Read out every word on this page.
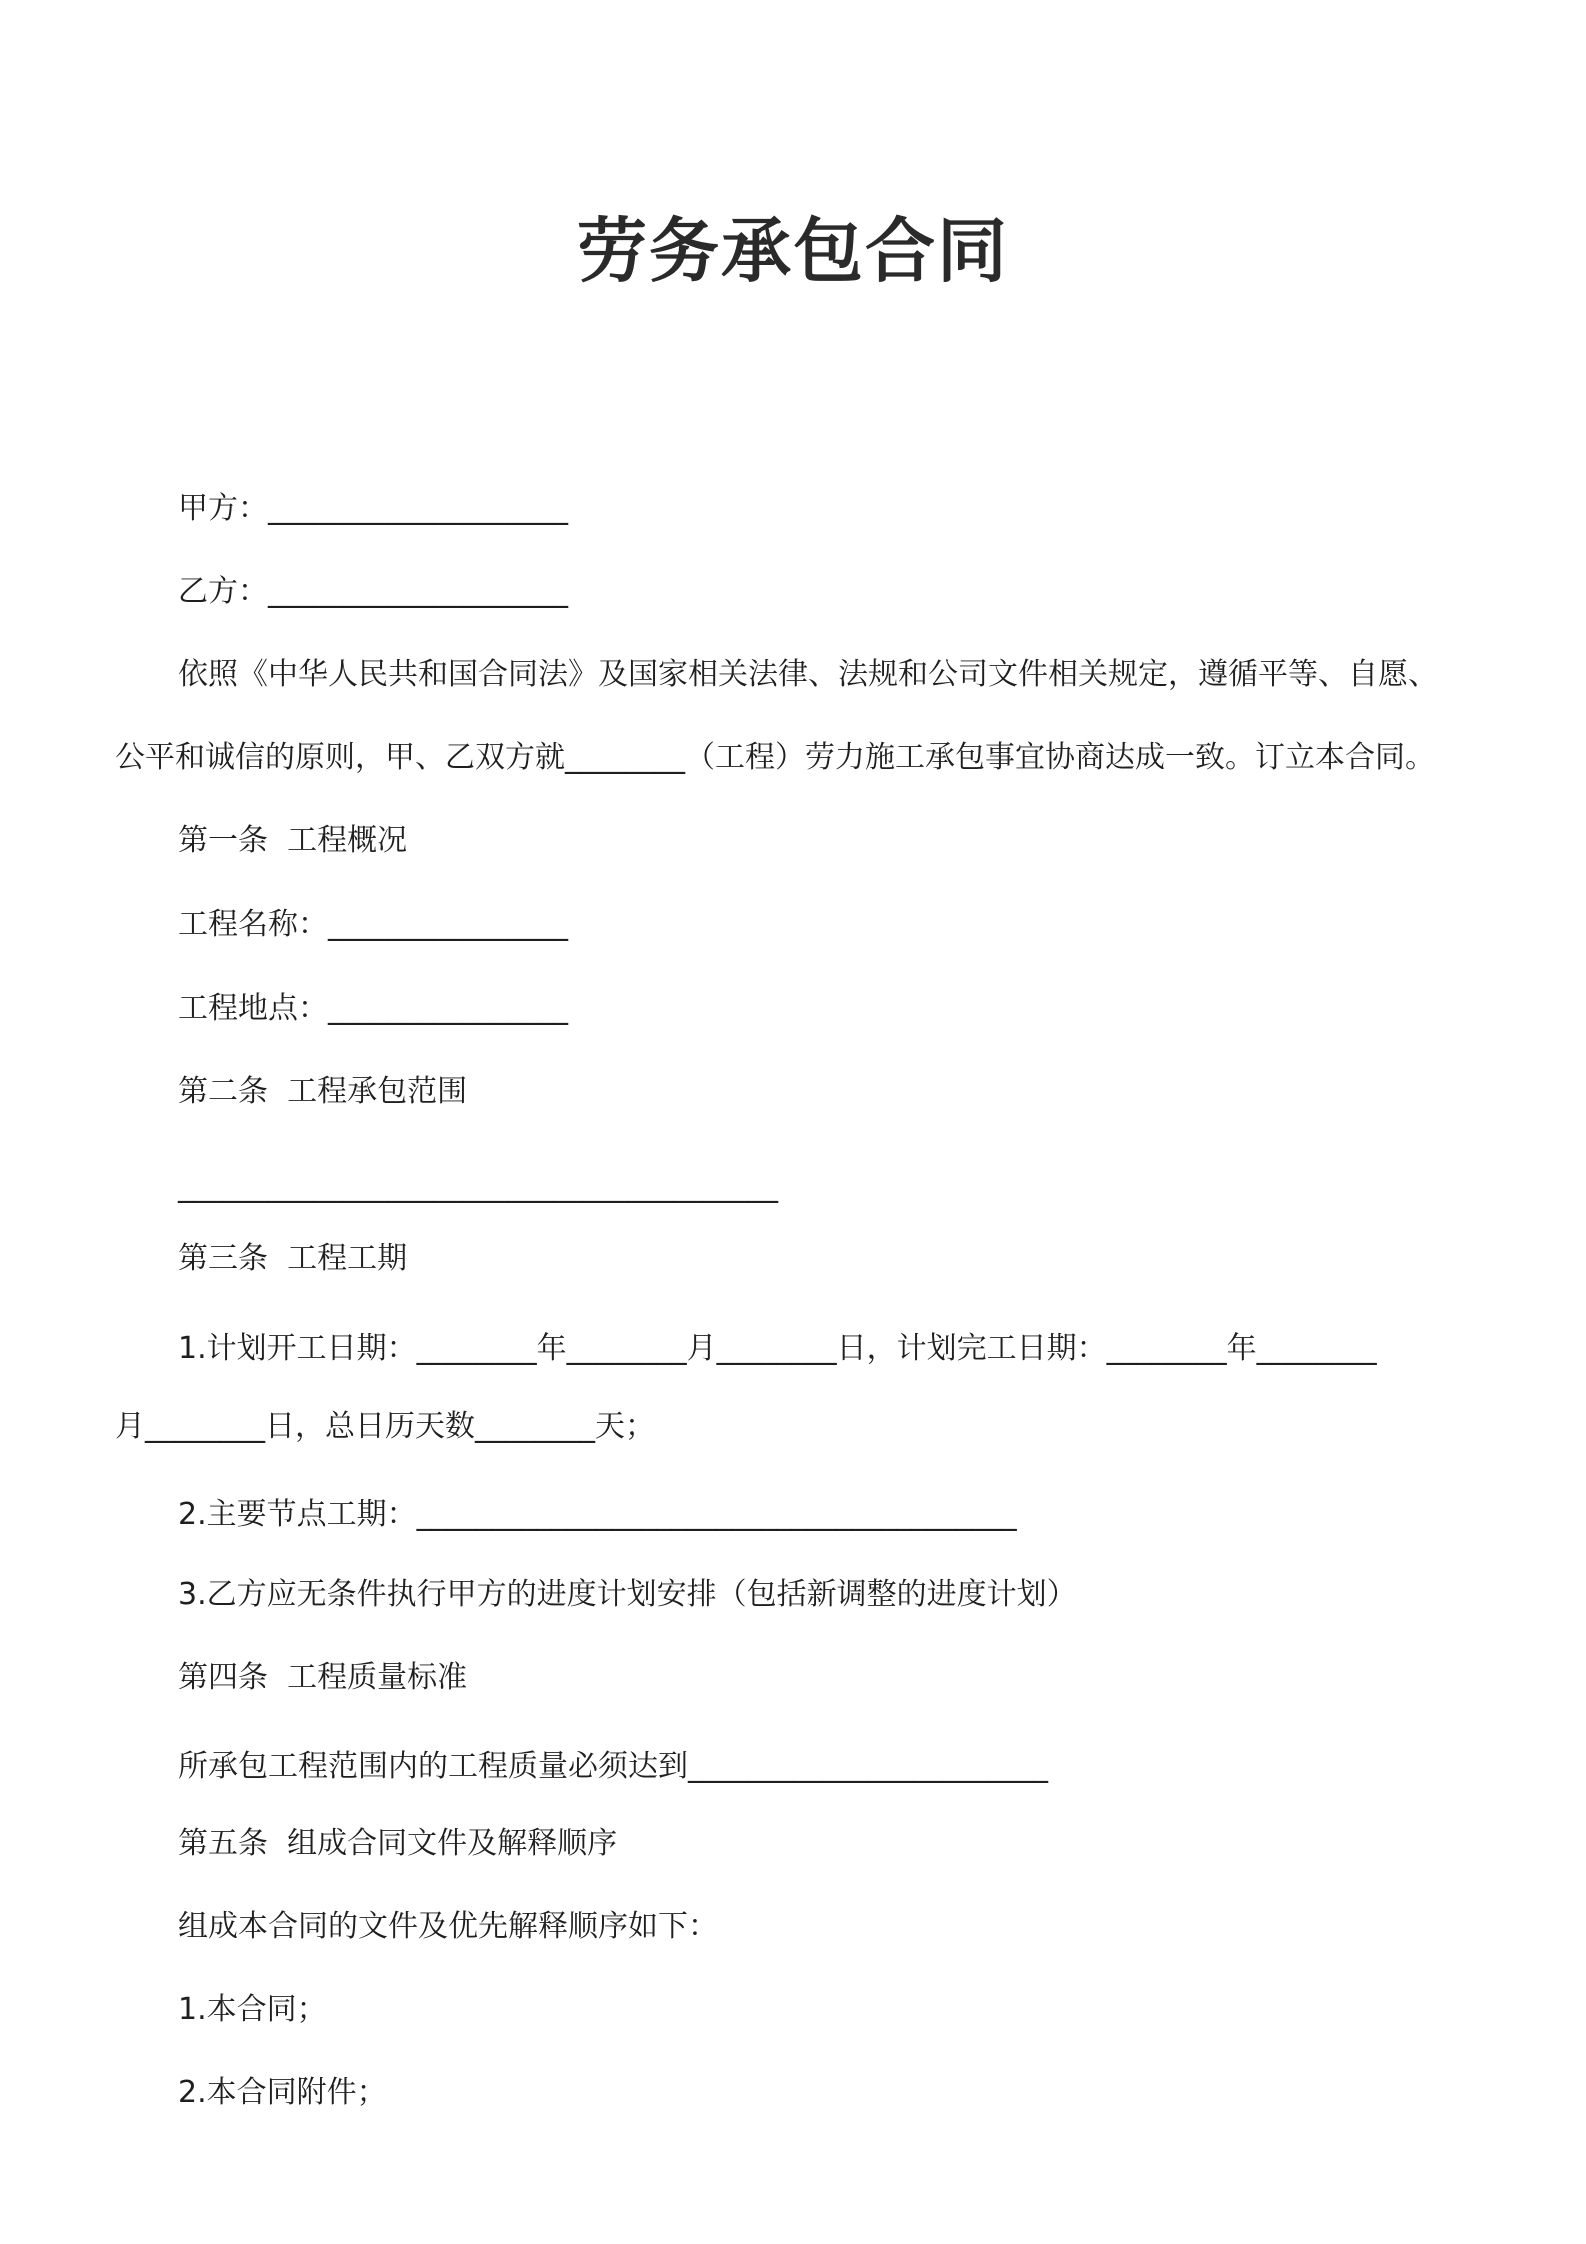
劳务承包合同
甲方：____________________
乙方：____________________
依照《中华人民共和国合同法》及国家相关法律、法规和公司文件相关规定，遵循平等、自愿、
公平和诚信的原则，甲、乙双方就________（工程）劳力施工承包事宜协商达成一致。订立本合同。
第一条  工程概况
工程名称：________________
工程地点：________________
第二条  工程承包范围
________________________________________
第三条  工程工期
1.计划开工日期：________年________月________日，计划完工日期：________年________
月________日，总日历天数________天；
2.主要节点工期：________________________________________
3.乙方应无条件执行甲方的进度计划安排（包括新调整的进度计划）
第四条  工程质量标准
所承包工程范围内的工程质量必须达到________________________
第五条  组成合同文件及解释顺序
组成本合同的文件及优先解释顺序如下：
1.本合同；
2.本合同附件；
